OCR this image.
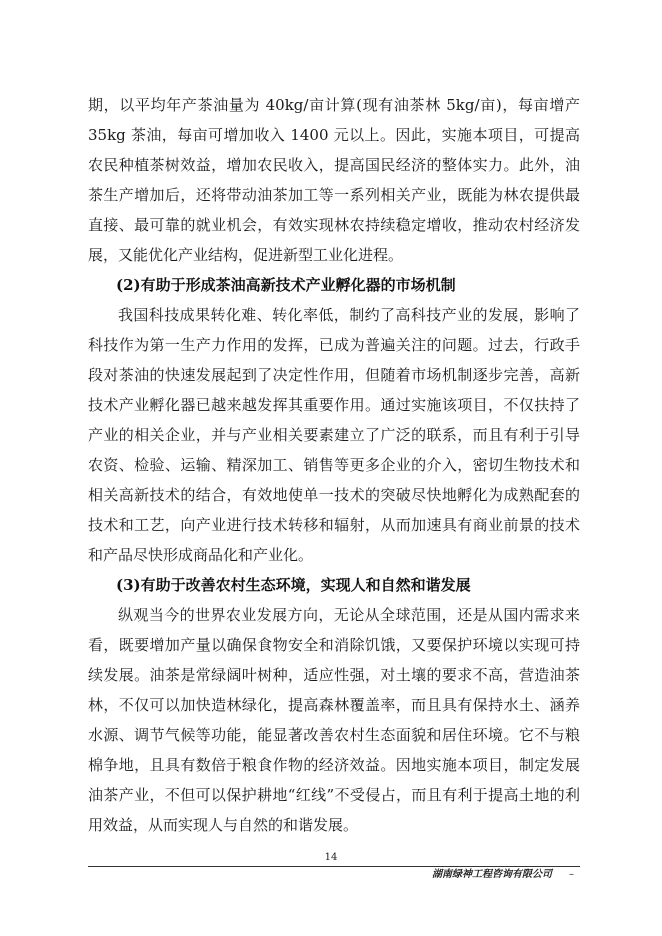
期，以平均年产茶油量为 40kg/亩计算(现有油茶林 5kg/亩)，每亩增产 35kg 茶油，每亩可增加收入 1400 元以上。因此，实施本项目，可提高农民种植茶树效益，增加农民收入，提高国民经济的整体实力。此外，油茶生产增加后，还将带动油茶加工等一系列相关产业，既能为林农提供最直接、最可靠的就业机会，有效实现林农持续稳定增收，推动农村经济发展，又能优化产业结构，促进新型工业化进程。

(2)有助于形成茶油高新技术产业孵化器的市场机制

我国科技成果转化难、转化率低，制约了高科技产业的发展，影响了科技作为第一生产力作用的发挥，已成为普遍关注的问题。过去，行政手段对茶油的快速发展起到了决定性作用，但随着市场机制逐步完善，高新技术产业孵化器已越来越发挥其重要作用。通过实施该项目，不仅扶持了产业的相关企业，并与产业相关要素建立了广泛的联系，而且有利于引导农资、检验、运输、精深加工、销售等更多企业的介入，密切生物技术和相关高新技术的结合，有效地使单一技术的突破尽快地孵化为成熟配套的技术和工艺，向产业进行技术转移和辐射，从而加速具有商业前景的技术和产品尽快形成商品化和产业化。

(3)有助于改善农村生态环境，实现人和自然和谐发展

纵观当今的世界农业发展方向，无论从全球范围，还是从国内需求来看，既要增加产量以确保食物安全和消除饥饿，又要保护环境以实现可持续发展。油茶是常绿阔叶树种，适应性强，对土壤的要求不高，营造油茶林，不仅可以加快造林绿化，提高森林覆盖率，而且具有保持水土、涵养水源、调节气候等功能，能显著改善农村生态面貌和居住环境。它不与粮棉争地，且具有数倍于粮食作物的经济效益。因地实施本项目，制定发展油茶产业，不但可以保护耕地“红线”不受侵占，而且有利于提高土地的利用效益，从而实现人与自然的和谐发展。

14
湖南绿神工程咨询有限公司 –
